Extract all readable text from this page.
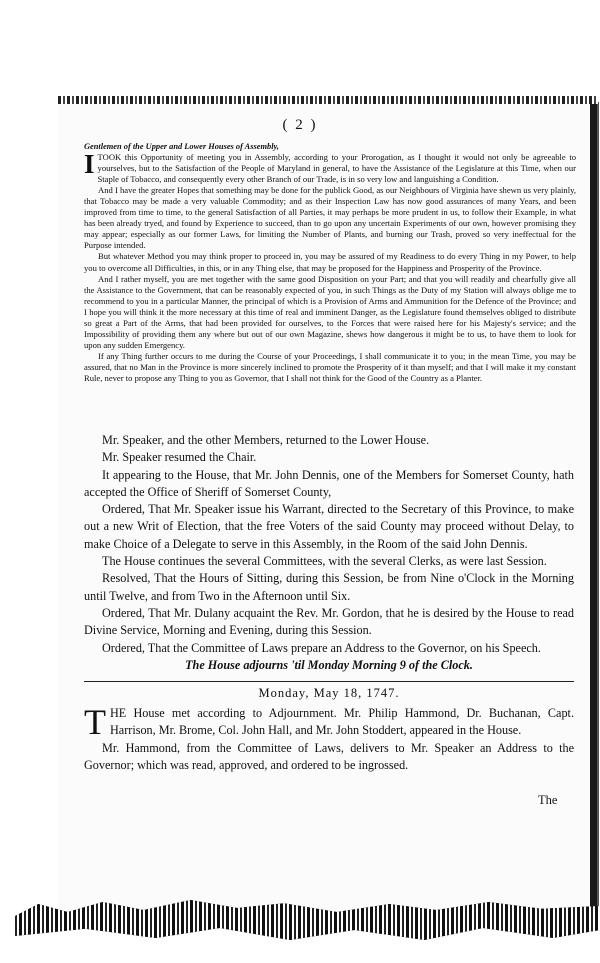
( 2 )

Gentlemen of the Upper and Lower Houses of Assembly,

ITOOK this Opportunity of meeting you in Assembly, according to your Prorogation, as I thought it would not only be agreeable to yourselves, but to the Satisfaction of the People of Maryland in general, to have the Assistance of the Legislature at this Time, when our Staple of Tobacco, and consequently every other Branch of our Trade, is in so very low and languishing a Condition.

And I have the greater Hopes that something may be done for the publick Good, as our Neighbours of Virginia have shewn us very plainly, that Tobacco may be made a very valuable Commodity; and as their Inspection Law has now good assurances of many Years, and been improved from time to time, to the general Satisfaction of all Parties, it may perhaps be more prudent in us, to follow their Example, in what has been already tryed, and found by Experience to succeed, than to go upon any uncertain Experiments of our own, however promising they may appear; especially as our former Laws, for limiting the Number of Plants, and burning our Trash, proved so very ineffectual for the Purpose intended.

But whatever Method you may think proper to proceed in, you may be assured of my Readiness to do every Thing in my Power, to help you to overcome all Difficulties, in this, or in any Thing else, that may be proposed for the Happiness and Prosperity of the Province.

And I rather myself, you are met together with the same good Disposition on your Part; and that you will readily and chearfully give all the Assistance to the Government, that can be reasonably expected of you, in such Things as the Duty of my Station will always oblige me to recommend to you in a particular Manner, the principal of which is a Provision of Arms and Ammunition for the Defence of the Province; and I hope you will think it the more necessary at this time of real and imminent Danger, as the Legislature found themselves obliged to distribute so great a Part of the Arms, that had been provided for ourselves, to the Forces that were raised here for his Majesty's service; and the Impossibility of providing them any where but out of our own Magazine, shews how dangerous it might be to us, to have them to look for upon any sudden Emergency.

If any Thing further occurs to me during the Course of your Proceedings, I shall communicate it to you; in the mean Time, you may be assured, that no Man in the Province is more sincerely inclined to promote the Prosperity of it than myself; and that I will make it my constant Rule, never to propose any Thing to you as Governor, that I shall not think for the Good of the Country as a Planter.

Mr. Speaker, and the other Members, returned to the Lower House.

Mr. Speaker resumed the Chair.

It appearing to the House, that Mr. John Dennis, one of the Members for Somerset County, hath accepted the Office of Sheriff of Somerset County,

Ordered, That Mr. Speaker issue his Warrant, directed to the Secretary of this Province, to make out a new Writ of Election, that the free Voters of the said County may proceed without Delay, to make Choice of a Delegate to serve in this Assembly, in the Room of the said John Dennis.

The House continues the several Committees, with the several Clerks, as were last Session.

Resolved, That the Hours of Sitting, during this Session, be from Nine o'Clock in the Morning until Twelve, and from Two in the Afternoon until Six.

Ordered, That Mr. Dulany acquaint the Rev. Mr. Gordon, that he is desired by the House to read Divine Service, Morning and Evening, during this Session.

Ordered, That the Committee of Laws prepare an Address to the Governor, on his Speech.

The House adjourns 'til Monday Morning 9 of the Clock.

Monday, May 18, 1747.

THE House met according to Adjournment. Mr. Philip Hammond, Dr. Buchanan, Capt. Harrison, Mr. Brome, Col. John Hall, and Mr. John Stoddert, appeared in the House.

Mr. Hammond, from the Committee of Laws, delivers to Mr. Speaker an Address to the Governor; which was read, approved, and ordered to be ingrossed.

The
